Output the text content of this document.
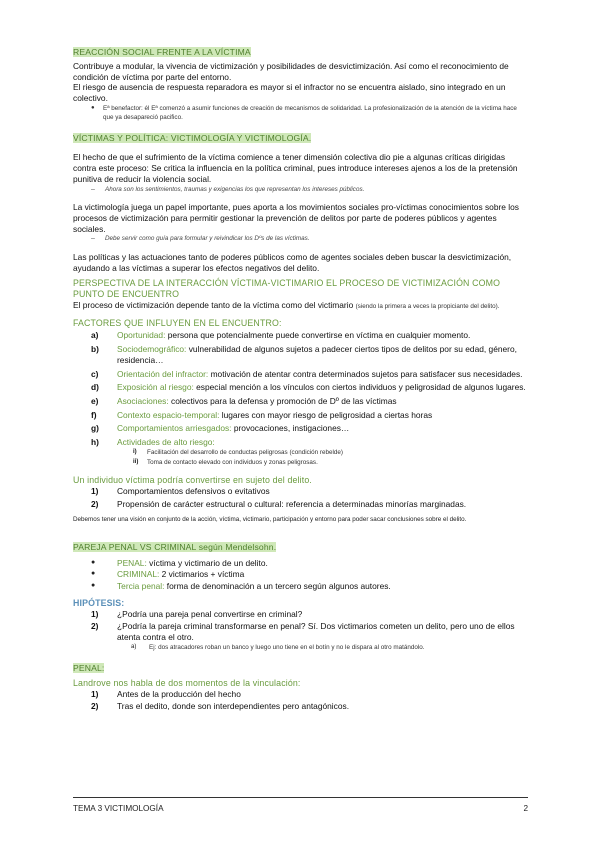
REACCIÓN SOCIAL FRENTE A LA VÍCTIMA

Contribuye a modular, la vivencia de victimización y posibilidades de desvictimización. Así como el reconocimiento de condición de víctima por parte del entorno.

El riesgo de ausencia de respuesta reparadora es mayor si el infractor no se encuentra aislado, sino integrado en un colectivo.

●	Eª benefactor: él Eª comenzó a asumir funciones de creación de mecanismos de solidaridad. La profesionalización de la atención de la víctima hace que ya desapareció pacifico.
VÍCTIMAS Y POLÍTICA: VICTIMOLOGÍA Y VICTIMOLOGÍA.

El hecho de que el sufrimiento de la víctima comience a tener dimensión colectiva dio pie a algunas críticas dirigidas contra este proceso: Se critica la influencia en la política criminal, pues introduce intereses ajenos a los de la pretensión punitiva de reducir la violencia social.

–	Ahora son los sentimientos, traumas y exigencias los que representan los intereses públicos.

La victimología juega un papel importante, pues aporta a los movimientos sociales pro-víctimas conocimientos sobre los procesos de victimización para permitir gestionar la prevención de delitos por parte de poderes públicos y agentes sociales.

–	Debe servir como guía para formular y reivindicar los Dºs de las víctimas.

Las políticas y las actuaciones tanto de poderes públicos como de agentes sociales deben buscar la desvictimización, ayudando a las víctimas a superar los efectos negativos del delito.

PERSPECTIVA DE LA INTERACCIÓN VÍCTIMA-VICTIMARIO EL PROCESO DE VICTIMIZACIÓN COMO PUNTO DE ENCUENTRO

El proceso de victimización depende tanto de la víctima como del victimario (siendo la primera a veces la propiciante del delito).

FACTORES QUE INFLUYEN EN EL ENCUENTRO:
a)	Oportunidad: persona que potencialmente puede convertirse en víctima en cualquier momento.
b)	Sociodemográfico: vulnerabilidad de algunos sujetos a padecer ciertos tipos de delitos por su edad, género, residencia…
c)	Orientación del infractor: motivación de atentar contra determinados sujetos para satisfacer sus necesidades.
d)	Exposición al riesgo: especial mención a los vínculos con ciertos individuos y peligrosidad de algunos lugares.
e)	Asociaciones: colectivos para la defensa y promoción de Dº de las víctimas
f)	Contexto espacio-temporal: lugares con mayor riesgo de peligrosidad a ciertas horas
g)	Comportamientos arriesgados: provocaciones, instigaciones…
h)	Actividades de alto riesgo:
i)	Facilitación del desarrollo de conductas peligrosas (condición rebelde)
ii)	Toma de contacto elevado con individuos y zonas peligrosas.
Un individuo víctima podría convertirse en sujeto del delito.
1)	Comportamientos defensivos o evitativos
2)	Propensión de carácter estructural o cultural: referencia a determinadas minorías marginadas.

Debemos tener una visión en conjunto de la acción, víctima, victimario, participación y entorno para poder sacar conclusiones sobre el delito.

PAREJA PENAL VS CRIMINAL según Mendelsohn.
●	PENAL: víctima y victimario de un delito.
●	CRIMINAL: 2 victimarios + víctima
●	Tercia penal: forma de denominación a un tercero según algunos autores.
HIPÓTESIS:
1)	¿Podría una pareja penal convertirse en criminal?
2)	¿Podría la pareja criminal transformarse en penal? Sí. Dos victimarios cometen un delito, pero uno de ellos atenta contra el otro.
a)	Ej: dos atracadores roban un banco y luego uno tiene en el botín y no le dispara al otro matándolo.
PENAL:
Landrove nos habla de dos momentos de la vinculación:
1)	Antes de la producción del hecho
2)	Tras el dedito, donde son interdependientes pero antagónicos.
TEMA 3 VICTIMOLOGÍA	2
